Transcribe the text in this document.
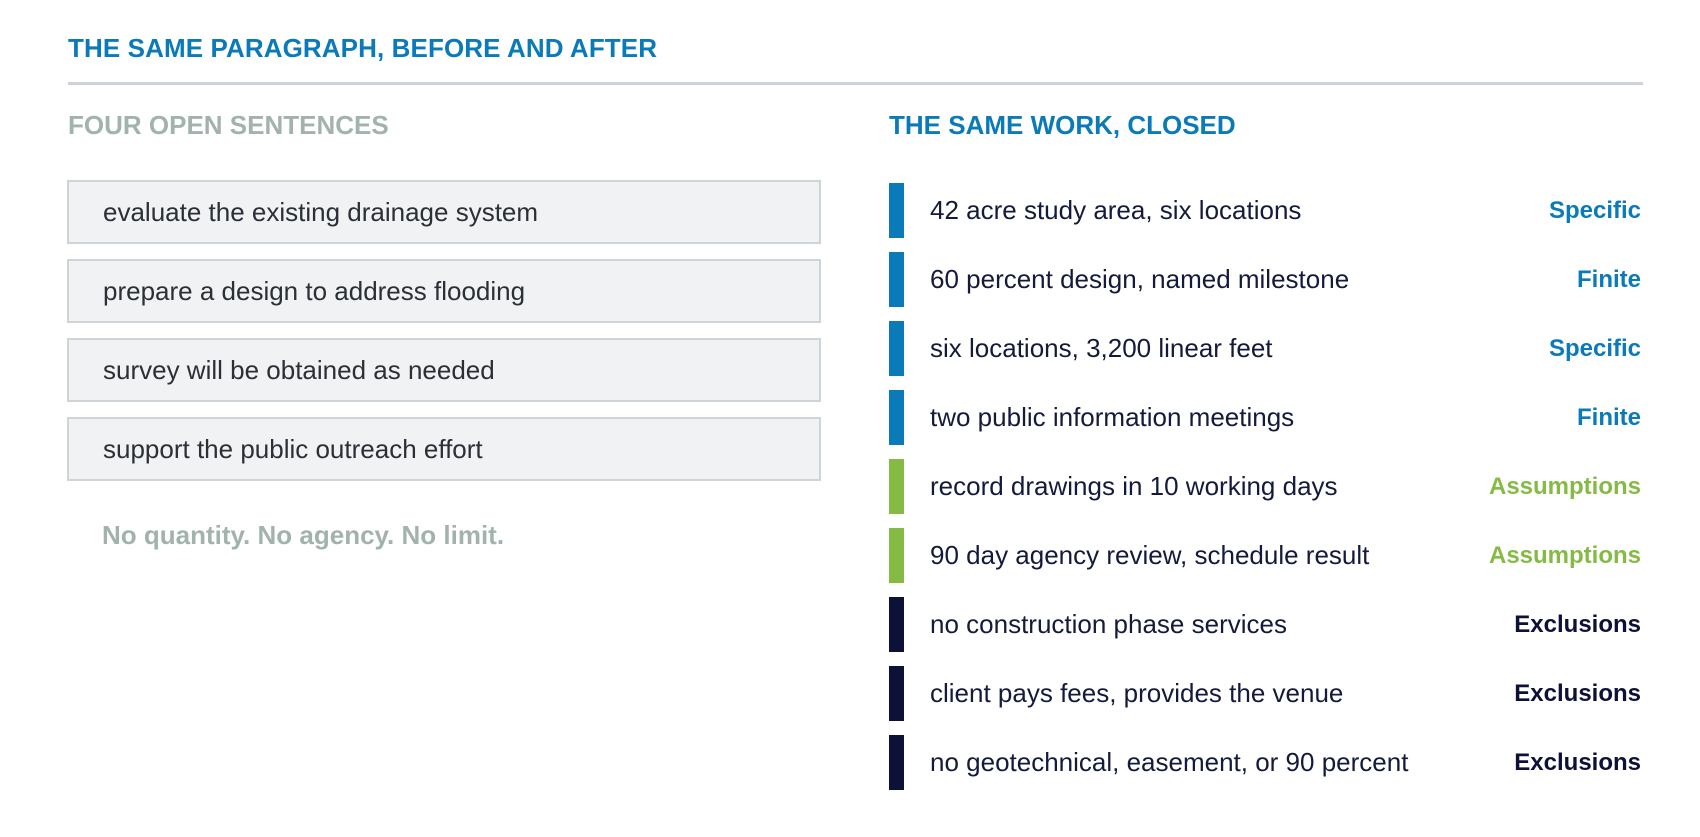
THE SAME PARAGRAPH, BEFORE AND AFTER
FOUR OPEN SENTENCES	THE SAME WORK, CLOSED
evaluate the existing drainage system
prepare a design to address flooding
survey will be obtained as needed
support the public outreach effort
No quantity. No agency. No limit.
42 acre study area, six locations	Specific
60 percent design, named milestone	Finite
six locations, 3,200 linear feet	Specific
two public information meetings	Finite
record drawings in 10 working days	Assumptions
90 day agency review, schedule result	Assumptions
no construction phase services	Exclusions
client pays fees, provides the venue	Exclusions
no geotechnical, easement, or 90 percent	Exclusions
